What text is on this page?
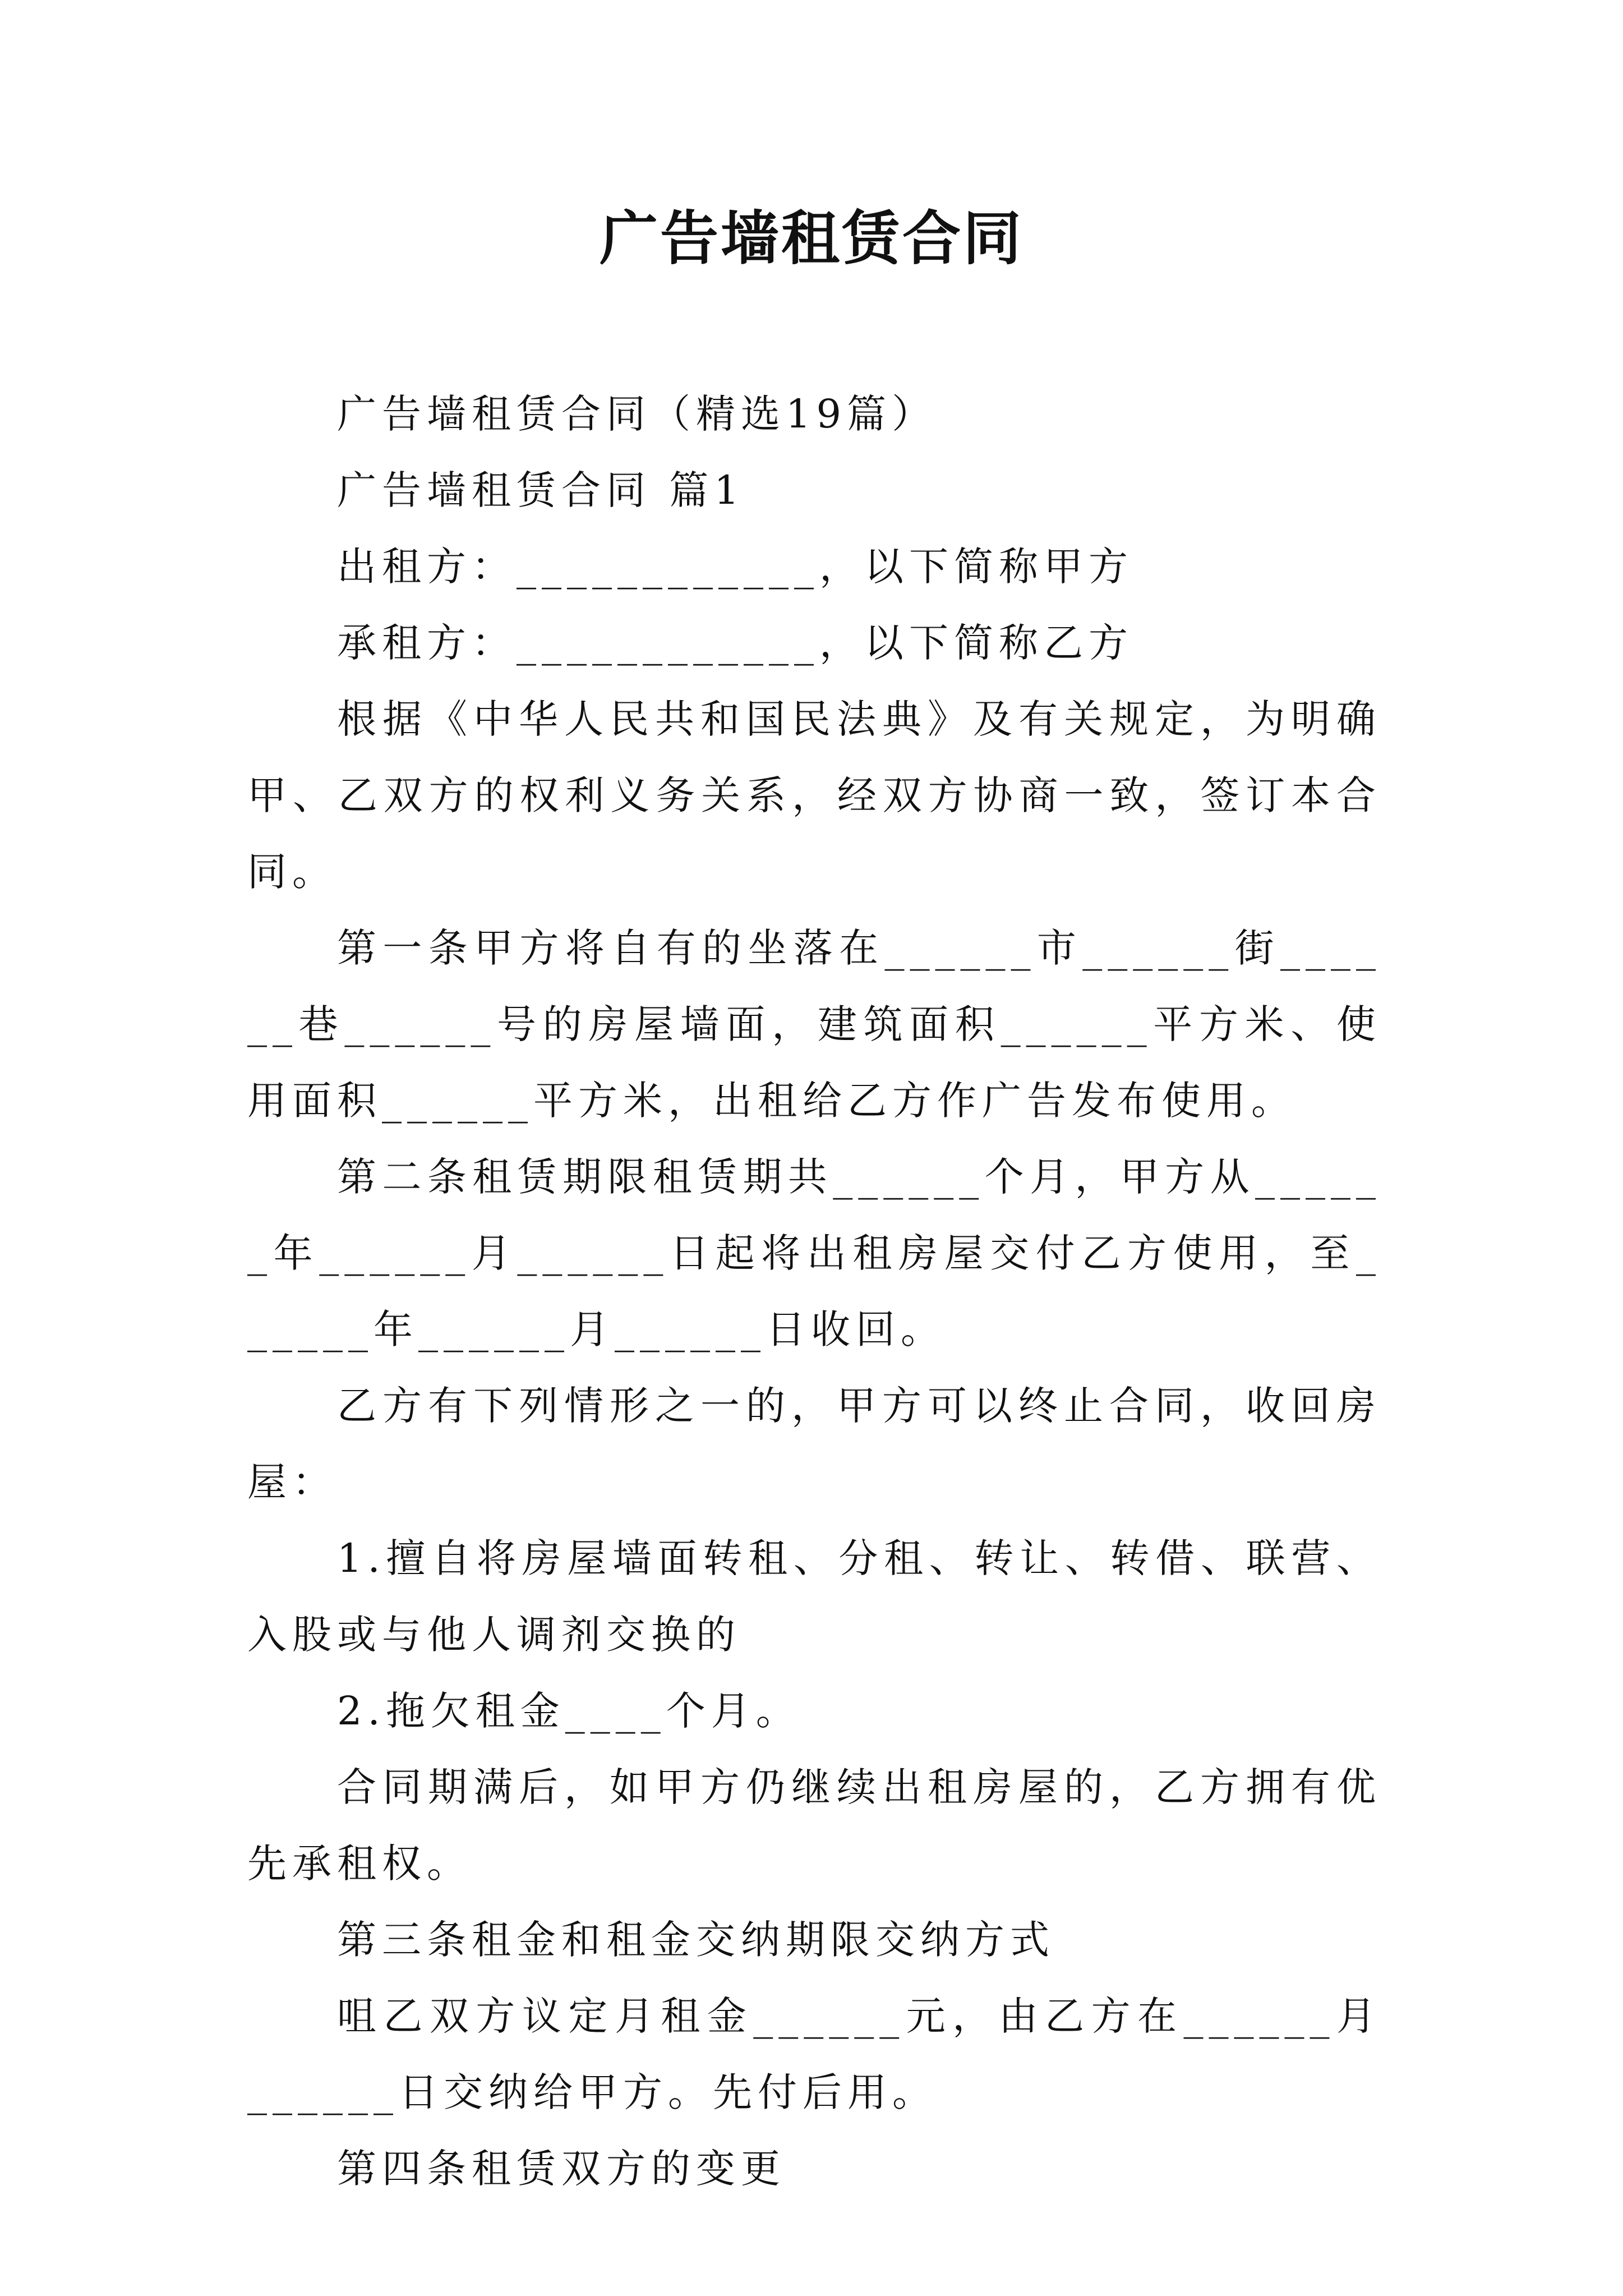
广告墙租赁合同

广告墙租赁合同（精选19篇）

广告墙租赁合同 篇1

出租方：____________，以下简称甲方

承租方：____________，以下简称乙方

根据《中华人民共和国民法典》及有关规定，为明确甲、乙双方的权利义务关系，经双方协商一致，签订本合同。

第一条甲方将自有的坐落在______市______街______巷______号的房屋墙面，建筑面积______平方米、使用面积______平方米，出租给乙方作广告发布使用。

第二条租赁期限租赁期共______个月，甲方从______年______月______日起将出租房屋交付乙方使用，至______年______月______日收回。

乙方有下列情形之一的，甲方可以终止合同，收回房屋：

1.擅自将房屋墙面转租、分租、转让、转借、联营、入股或与他人调剂交换的

2.拖欠租金____个月。

合同期满后，如甲方仍继续出租房屋的，乙方拥有优先承租权。

第三条租金和租金交纳期限交纳方式

咀乙双方议定月租金______元，由乙方在______月______日交纳给甲方。先付后用。

第四条租赁双方的变更
